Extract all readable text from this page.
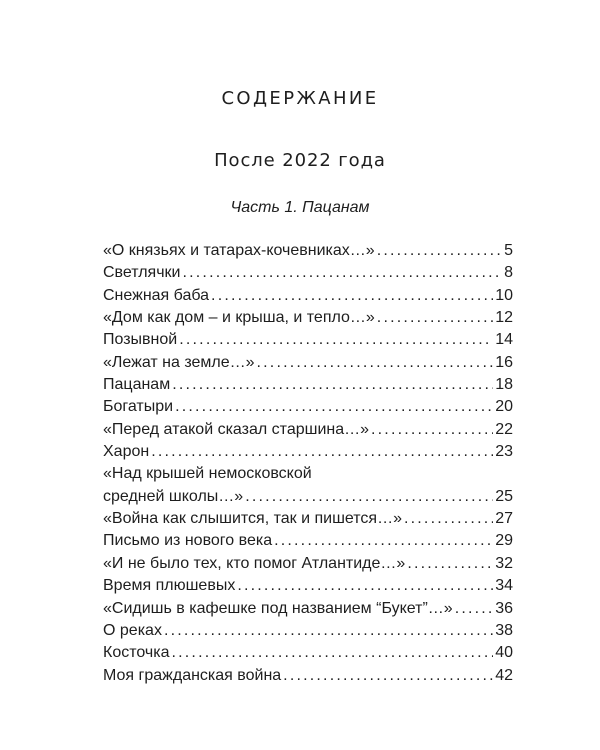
СОДЕРЖАНИЕ
После 2022 года
Часть 1. Пацанам
«О князьях и татарах-кочевниках…» .....	5
Светлячки .....	8
Снежная баба .....	10
«Дом как дом – и крыша, и тепло…» .....	12
Позывной .....	14
«Лежат на земле…» .....	16
Пацанам .....	18
Богатыри .....	20
«Перед атакой сказал старшина…» .....	22
Харон .....	23
«Над крышей немосковской
средней школы…» .....	25
«Война как слышится, так и пишется…» .....	27
Письмо из нового века .....	29
«И не было тех, кто помог Атлантиде…» .....	32
Время плюшевых .....	34
«Сидишь в кафешке под названием “Букет”…» .....	36
О реках .....	38
Косточка .....	40
Моя гражданская война .....	42
